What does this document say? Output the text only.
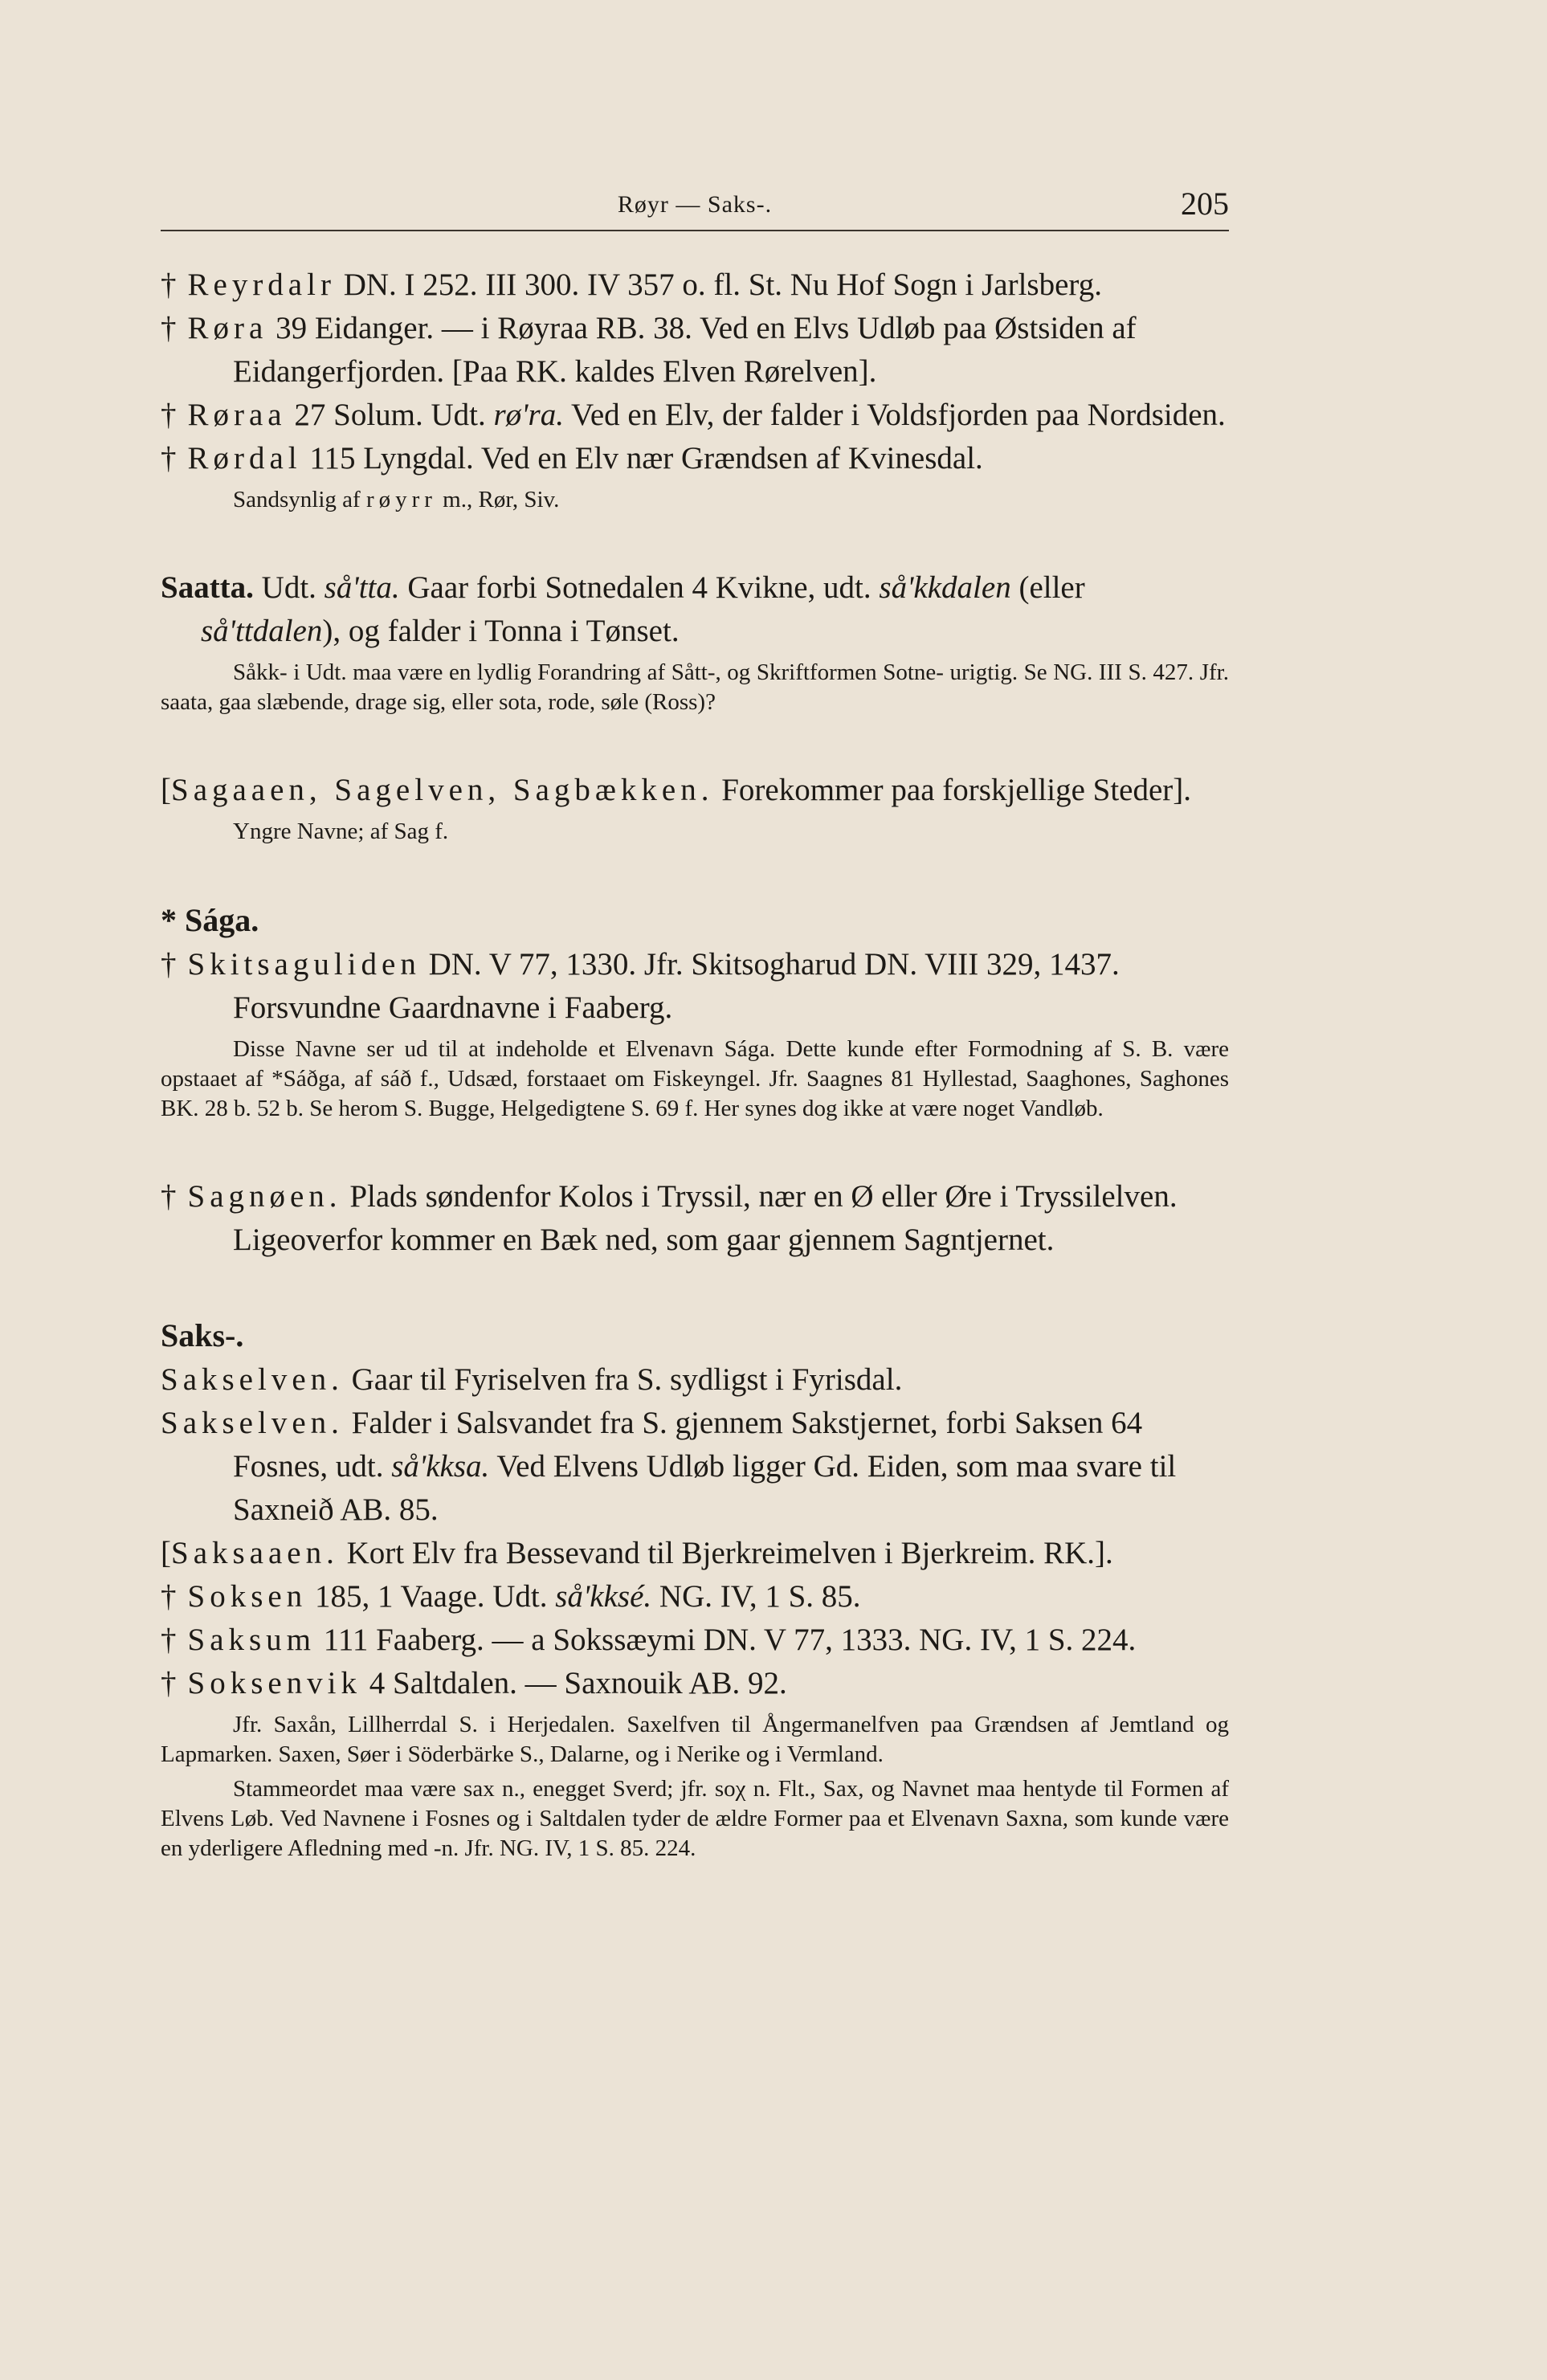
Røyr — Saks-.	205

† Reyrdalr DN. I 252. III 300. IV 357 o. fl. St. Nu Hof Sogn i Jarlsberg.

† Røra 39 Eidanger. — i Røyraa RB. 38. Ved en Elvs Udløb paa Østsiden af Eidangerfjorden. [Paa RK. kaldes Elven Rørelven].

† Røraa 27 Solum. Udt. rø'ra. Ved en Elv, der falder i Voldsfjorden paa Nordsiden.

† Rørdal 115 Lyngdal. Ved en Elv nær Grændsen af Kvinesdal.

Sandsynlig af røyrr m., Rør, Siv.

Saatta. Udt. så'tta. Gaar forbi Sotnedalen 4 Kvikne, udt. så'kkdalen (eller så'ttdalen), og falder i Tonna i Tønset.

Såkk- i Udt. maa være en lydlig Forandring af Sått-, og Skriftformen Sotne- urigtig. Se NG. III S. 427. Jfr. saata, gaa slæbende, drage sig, eller sota, rode, søle (Ross)?

[Sagaaen, Sagelven, Sagbækken. Forekommer paa forskjellige Steder].

Yngre Navne; af Sag f.

* Sága.

† Skitsaguliden DN. V 77, 1330. Jfr. Skitsogharud DN. VIII 329, 1437. Forsvundne Gaardnavne i Faaberg.

Disse Navne ser ud til at indeholde et Elvenavn Sága. Dette kunde efter Formodning af S. B. være opstaaet af *Sáðga, af sáð f., Udsæd, forstaaet om Fiskeyngel. Jfr. Saagnes 81 Hyllestad, Saaghones, Saghones BK. 28 b. 52 b. Se herom S. Bugge, Helgedigtene S. 69 f. Her synes dog ikke at være noget Vandløb.

† Sagnøen. Plads søndenfor Kolos i Tryssil, nær en Ø eller Øre i Tryssilelven. Ligeoverfor kommer en Bæk ned, som gaar gjennem Sagntjernet.

Saks-.

Sakselven. Gaar til Fyriselven fra S. sydligst i Fyrisdal.

Sakselven. Falder i Salsvandet fra S. gjennem Sakstjernet, forbi Saksen 64 Fosnes, udt. så'kksa. Ved Elvens Udløb ligger Gd. Eiden, som maa svare til Saxneið AB. 85.

[Saksaaen. Kort Elv fra Bessevand til Bjerkreimelven i Bjerkreim. RK.].

† Soksen 185, 1 Vaage. Udt. så'kksé. NG. IV, 1 S. 85.

† Saksum 111 Faaberg. — a Sokssæymi DN. V 77, 1333. NG. IV, 1 S. 224.

† Soksenvik 4 Saltdalen. — Saxnouik AB. 92.

Jfr. Saxån, Lillherrdal S. i Herjedalen. Saxelfven til Ångermanelfven paa Grændsen af Jemtland og Lapmarken. Saxen, Søer i Söderbärke S., Dalarne, og i Nerike og i Vermland.

Stammeordet maa være sax n., enegget Sverd; jfr. soχ n. Flt., Sax, og Navnet maa hentyde til Formen af Elvens Løb. Ved Navnene i Fosnes og i Saltdalen tyder de ældre Former paa et Elvenavn Saxna, som kunde være en yderligere Afledning med -n. Jfr. NG. IV, 1 S. 85. 224.
